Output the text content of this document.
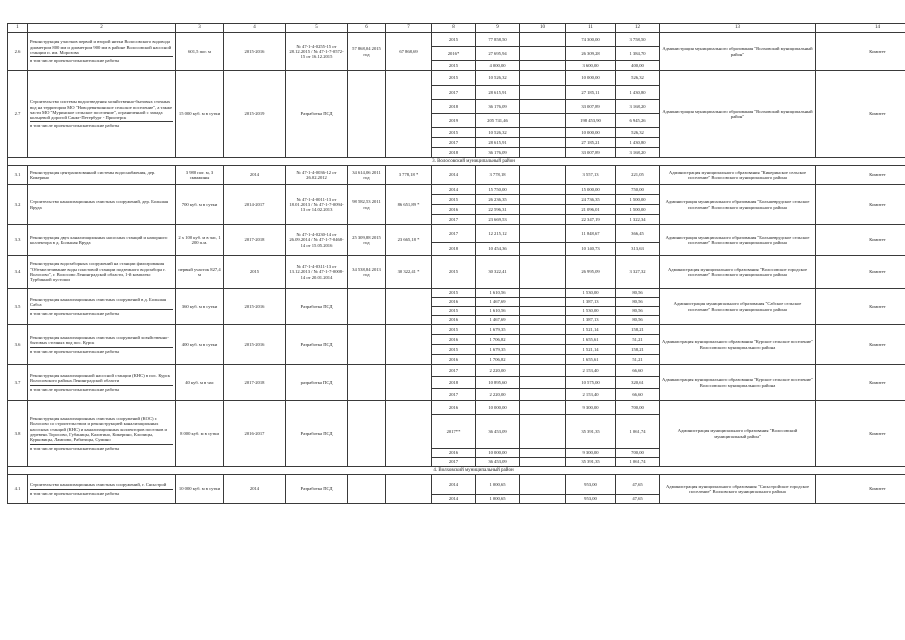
1	2	3	4	5	6	7	8	9	10	11	12	13	14
2.6	Реконструкция участков первой и второй нитки Волосовского водовода диаметром 800 мм и диаметром 900 мм в районе Волосовской насосной станции п. им. Морозова
в том числе проектно-изыскательские работы	601,5 пог. м	2015-2016	№ 47-1-4-0255-15 от 28.12.2015 / № 47-1-7-0572-15 от 16.12.2015	57 868,04 2015 год	67 868,69	2015	77 858,50		74 300,00	3 758,50	Администрация муниципального образования "Волховский муниципальный район"	Комитет
							2016*	27 695,94		26 309,28	1 384,70		
							2015	4 000,00		3 600,00	400,00		
2.7	Строительство системы водоотведения хозяйственно-бытовых сточных вод на территории МО "Новодевяткинское сельское поселение", а также части МО "Муринское сельское поселение", ограниченной с запада кольцевой дорогой Санкт-Петербург - Приозерск
в том числе проектно-изыскательские работы	15 000 куб. м в сутки	2015-2019	Разработка ПСД			2015	10 526,32		10 000,00	526,32	Администрация муниципального образования "Волховский муниципальный район"	Комитет
							2017	28 615,91		27 185,11	1 430,80		
							2018	36 176,09		33 007,89	3 168,20		
							2019	205 741,46		198 453,90	6 945,26		
							2015	10 526,32		10 000,00	526,32		
							2017	28 615,91		27 185,21	1 430,80		
							2018	36 176,09		33 007,89	3 168,20		
3. Волосовский муниципальный район													
3.1	Реконструкция централизованной системы водоснабжения, дер. Кикерино	3 980 пог. м, 3 скважины	2014	№ 47-1-4-0036-12 от 26.02.2012	34 614,06 2011 год	3 778,18 *	2014	3 778,18		3 557,13	221,05	Администрация муниципального образования "Кикеринское сельское поселение" Волосовского муниципального района	Комитет
3.2	Строительство канализационных очистных сооружений, дер. Большая Вруда	700 куб. м в сутки	2014-2017	№ 47-1-4-0011-13 от 18.01.2013 / № 47-1-7-0094-13 от 14.02.2013	98 582,53 2011 год	86 651,89 *	2014	15 750,00		15 000,00	750,00	Администрация муниципального образования "Большеврудское сельское поселение" Волосовского муниципального района	Комитет
							2015	26 236,35		24 736,35	1 500,00		
							2016	22 596,31		21 096,01	1 500,00		
							2017	23 669,53		22 347,19	1 322,34		
3.3	Реконструкция двух канализационных насосных станций и напорного коллектора в д. Большая Вруда	2 х 100 куб. м в час, 1 200 п.м.	2017-2018	№ 47-1-4-0230-14 от 26.09.2014 / № 47-1-7-0468-14 от 15.05.2016	25 309,88 2015 год	23 665,18 *	2017	12 215,12		11 848,67	366,45	Администрация муниципального образования "Большеврудское сельское поселение" Волосовского муниципального района	Комитет
							2018	10 454,36		10 140,73	313,63		
3.4	Реконструкция водозаборных сооружений на станции фильтрования "Обезжелезивание воды пластовой станции подземного водозабора г. Волосово", г. Волосово Ленинградской области, 1-й комплекс Турбинной пустоши	первый участок 827,4 м	2015	№ 47-1-4-0311-13 от 13.12.2013 / № 47-1-7-0008-14 от 20.01.2014	34 538,84 2013 год	30 322,41 *	2015	30 322,41		26 995,09	3 327,32	Администрация муниципального образования "Волосовское городское поселение" Волосовского муниципального района	Комитет
3.5	Реконструкция канализационных очистных сооружений в д. Большая Сабса
в том числе проектно-изыскательские работы	360 куб. м в сутки	2015-2016	Разработка ПСД			2015	1 610,56		1 530,00	80,56	Администрация муниципального образования "Сабское сельское поселение" Волосовского муниципального района	Комитет
							2016	1 467,69		1 387,13	80,56		
							2015	1 610,56		1 530,00	80,56		
							2016	1 467,69		1 387,13	80,56		
3.6	Реконструкция канализационных очистных сооружений хозяйственно-бытовых сточных вод пос. Курск
в том числе проектно-изыскательские работы	400 куб. м в сутки	2015-2016	Разработка ПСД			2015	1 679,35		1 521,14	158,21	Администрация муниципального образования "Курское сельское поселение" Волосовского муниципального района	Комитет
							2016	1 706,82		1 655,61	51,21		
							2015	1 679,35		1 521,14	158,21		
							2016	1 706,82		1 655,61	51,21		
3.7	Реконструкция канализационной насосной станции (КНС) в пос. Курск Волосовского района Ленинградской области
в том числе проектно-изыскательские работы	40 куб. м в час	2017-2018	разработка ПСД			2017	2 220,00		2 153,40	66,60	Администрация муниципального образования "Курское сельское поселение" Волосовского муниципального района	Комитет
							2018	10 895,60		10 575,00	320,61		
							2017	2 220,00		2 153,40	66,60		
3.8	Реконструкция канализационных очистных сооружений (КОС) г. Волосово со строительством и реконструкцией канализационных насосных станций (КНС) и канализационных коллекторов поселков и деревень Торосово, Губаницы, Калитино, Кикерино, Клопицы, Курковицы, Лампово, Рабитицы, Сумино
в том числе проектно-изыскательские работы	8 000 куб. м в сутки	2016-2017	Разработка ПСД			2016	10 000,00		9 300,00	700,00	Администрация муниципального образования "Волосовский муниципальный район"	Комитет
							2017**	36 453,09		35 391,35	1 061,74		
							2016	10 000,00		9 300,00	700,00		
							2017	36 453,09		35 391,35	1 061,74		
4. Волховский муниципальный район													
4.1	Строительство канализационных очистных сооружений, г. Сясьстрой
в том числе проектно-изыскательские работы	10 000 куб. м в сутки	2014	Разработка ПСД			2014	1 000,65		953,00	47,65	Администрация муниципального образования "Сясьстройское городское поселение" Волховского муниципального района	Комитет
							2014	1 000,65		953,00	47,65		
